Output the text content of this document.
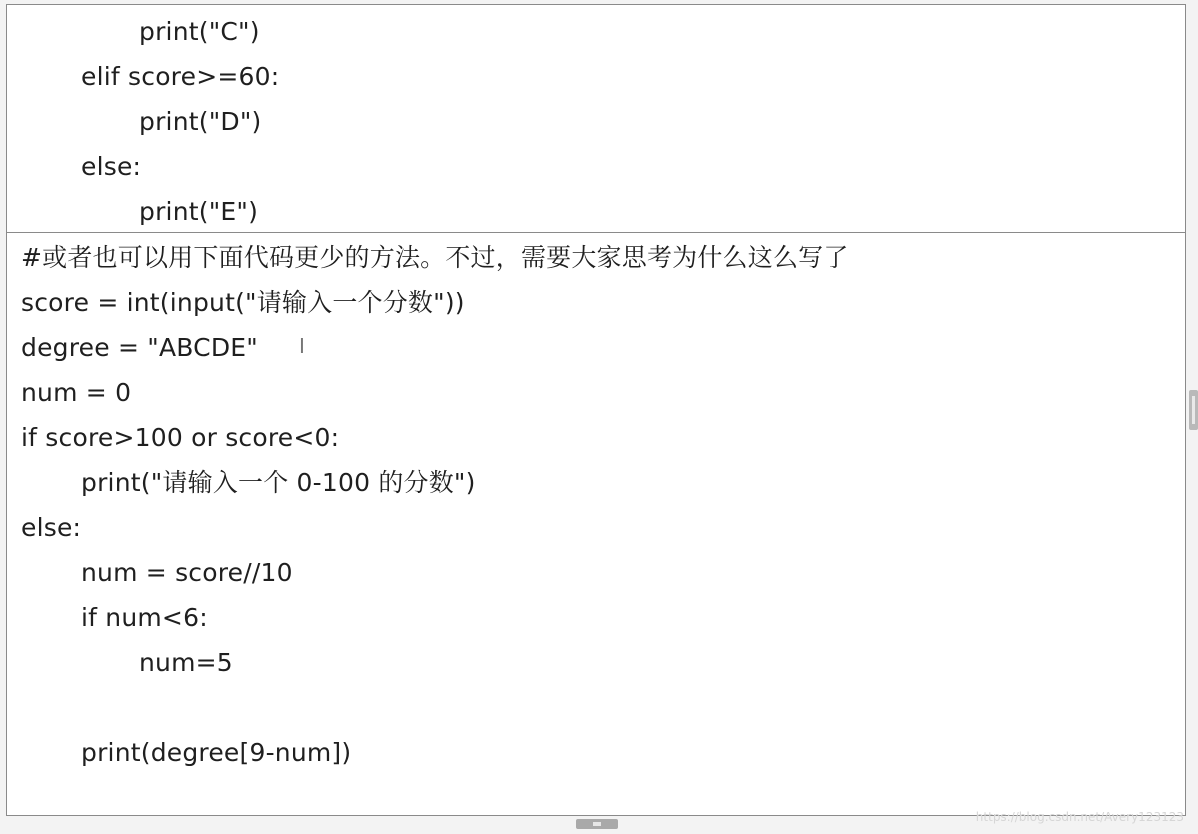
print("C")
elif score>=60:
print("D")
else:
print("E")
#或者也可以用下面代码更少的方法。不过，需要大家思考为什么这么写了
score = int(input("请输入一个分数"))
degree = "ABCDE" I
num = 0
if score>100 or score<0:
print("请输入一个 0-100 的分数")
else:
num = score//10
if num<6:
num=5
print(degree[9-num])
https://blog.csdn.net/Avery123123
